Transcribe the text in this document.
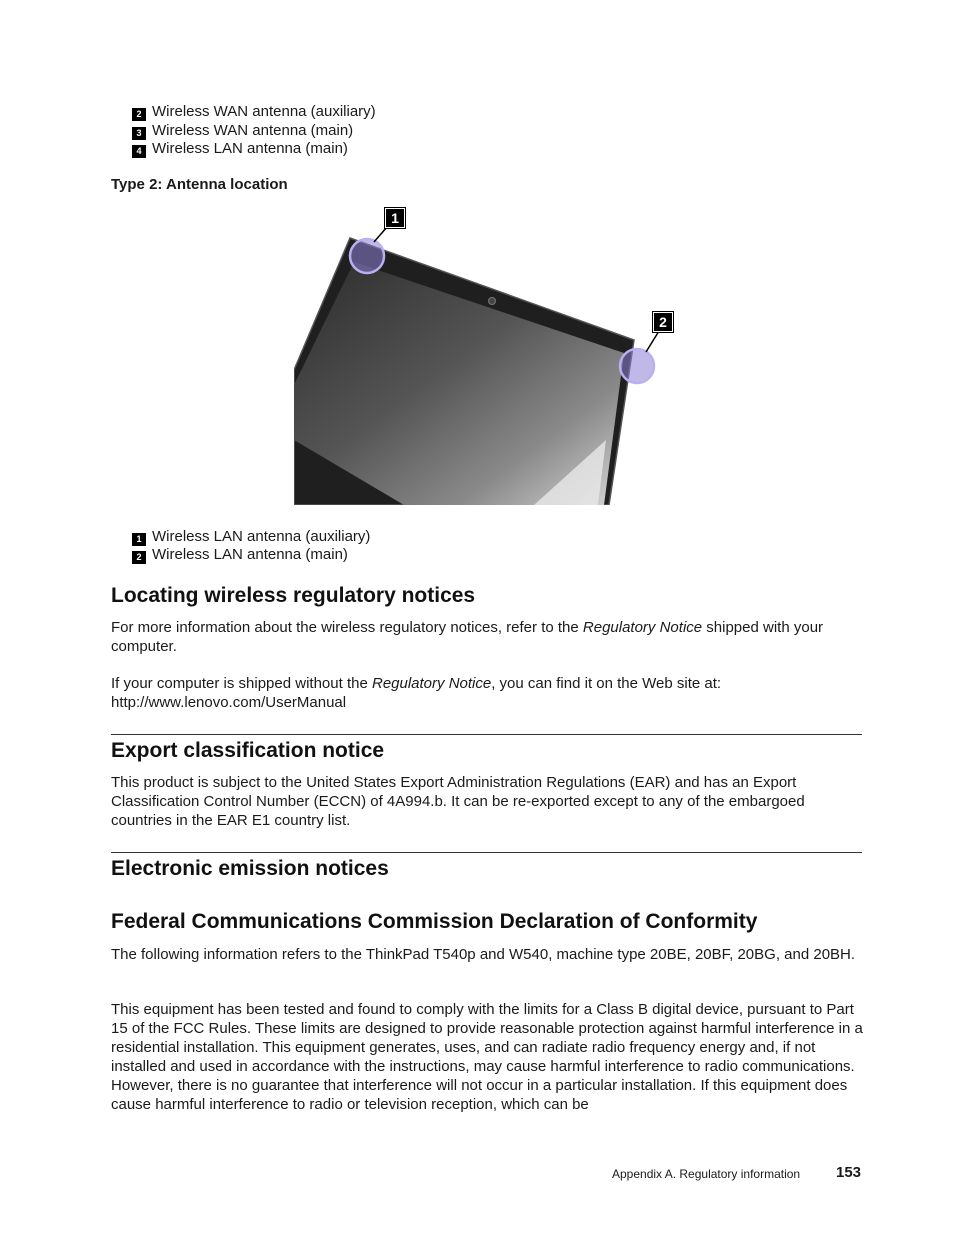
2 Wireless WAN antenna (auxiliary)
3 Wireless WAN antenna (main)
4 Wireless LAN antenna (main)
Type 2: Antenna location
1
2
1 Wireless LAN antenna (auxiliary)
2 Wireless LAN antenna (main)
Locating wireless regulatory notices

For more information about the wireless regulatory notices, refer to the Regulatory Notice shipped with your computer.

If your computer is shipped without the Regulatory Notice, you can find it on the Web site at:
http://www.lenovo.com/UserManual

Export classification notice

This product is subject to the United States Export Administration Regulations (EAR) and has an Export Classification Control Number (ECCN) of 4A994.b. It can be re-exported except to any of the embargoed countries in the EAR E1 country list.

Electronic emission notices
Federal Communications Commission Declaration of Conformity

The following information refers to the ThinkPad T540p and W540, machine type 20BE, 20BF, 20BG, and 20BH.

This equipment has been tested and found to comply with the limits for a Class B digital device, pursuant to Part 15 of the FCC Rules. These limits are designed to provide reasonable protection against harmful interference in a residential installation. This equipment generates, uses, and can radiate radio frequency energy and, if not installed and used in accordance with the instructions, may cause harmful interference to radio communications. However, there is no guarantee that interference will not occur in a particular installation. If this equipment does cause harmful interference to radio or television reception, which can be

Appendix A. Regulatory information 153
